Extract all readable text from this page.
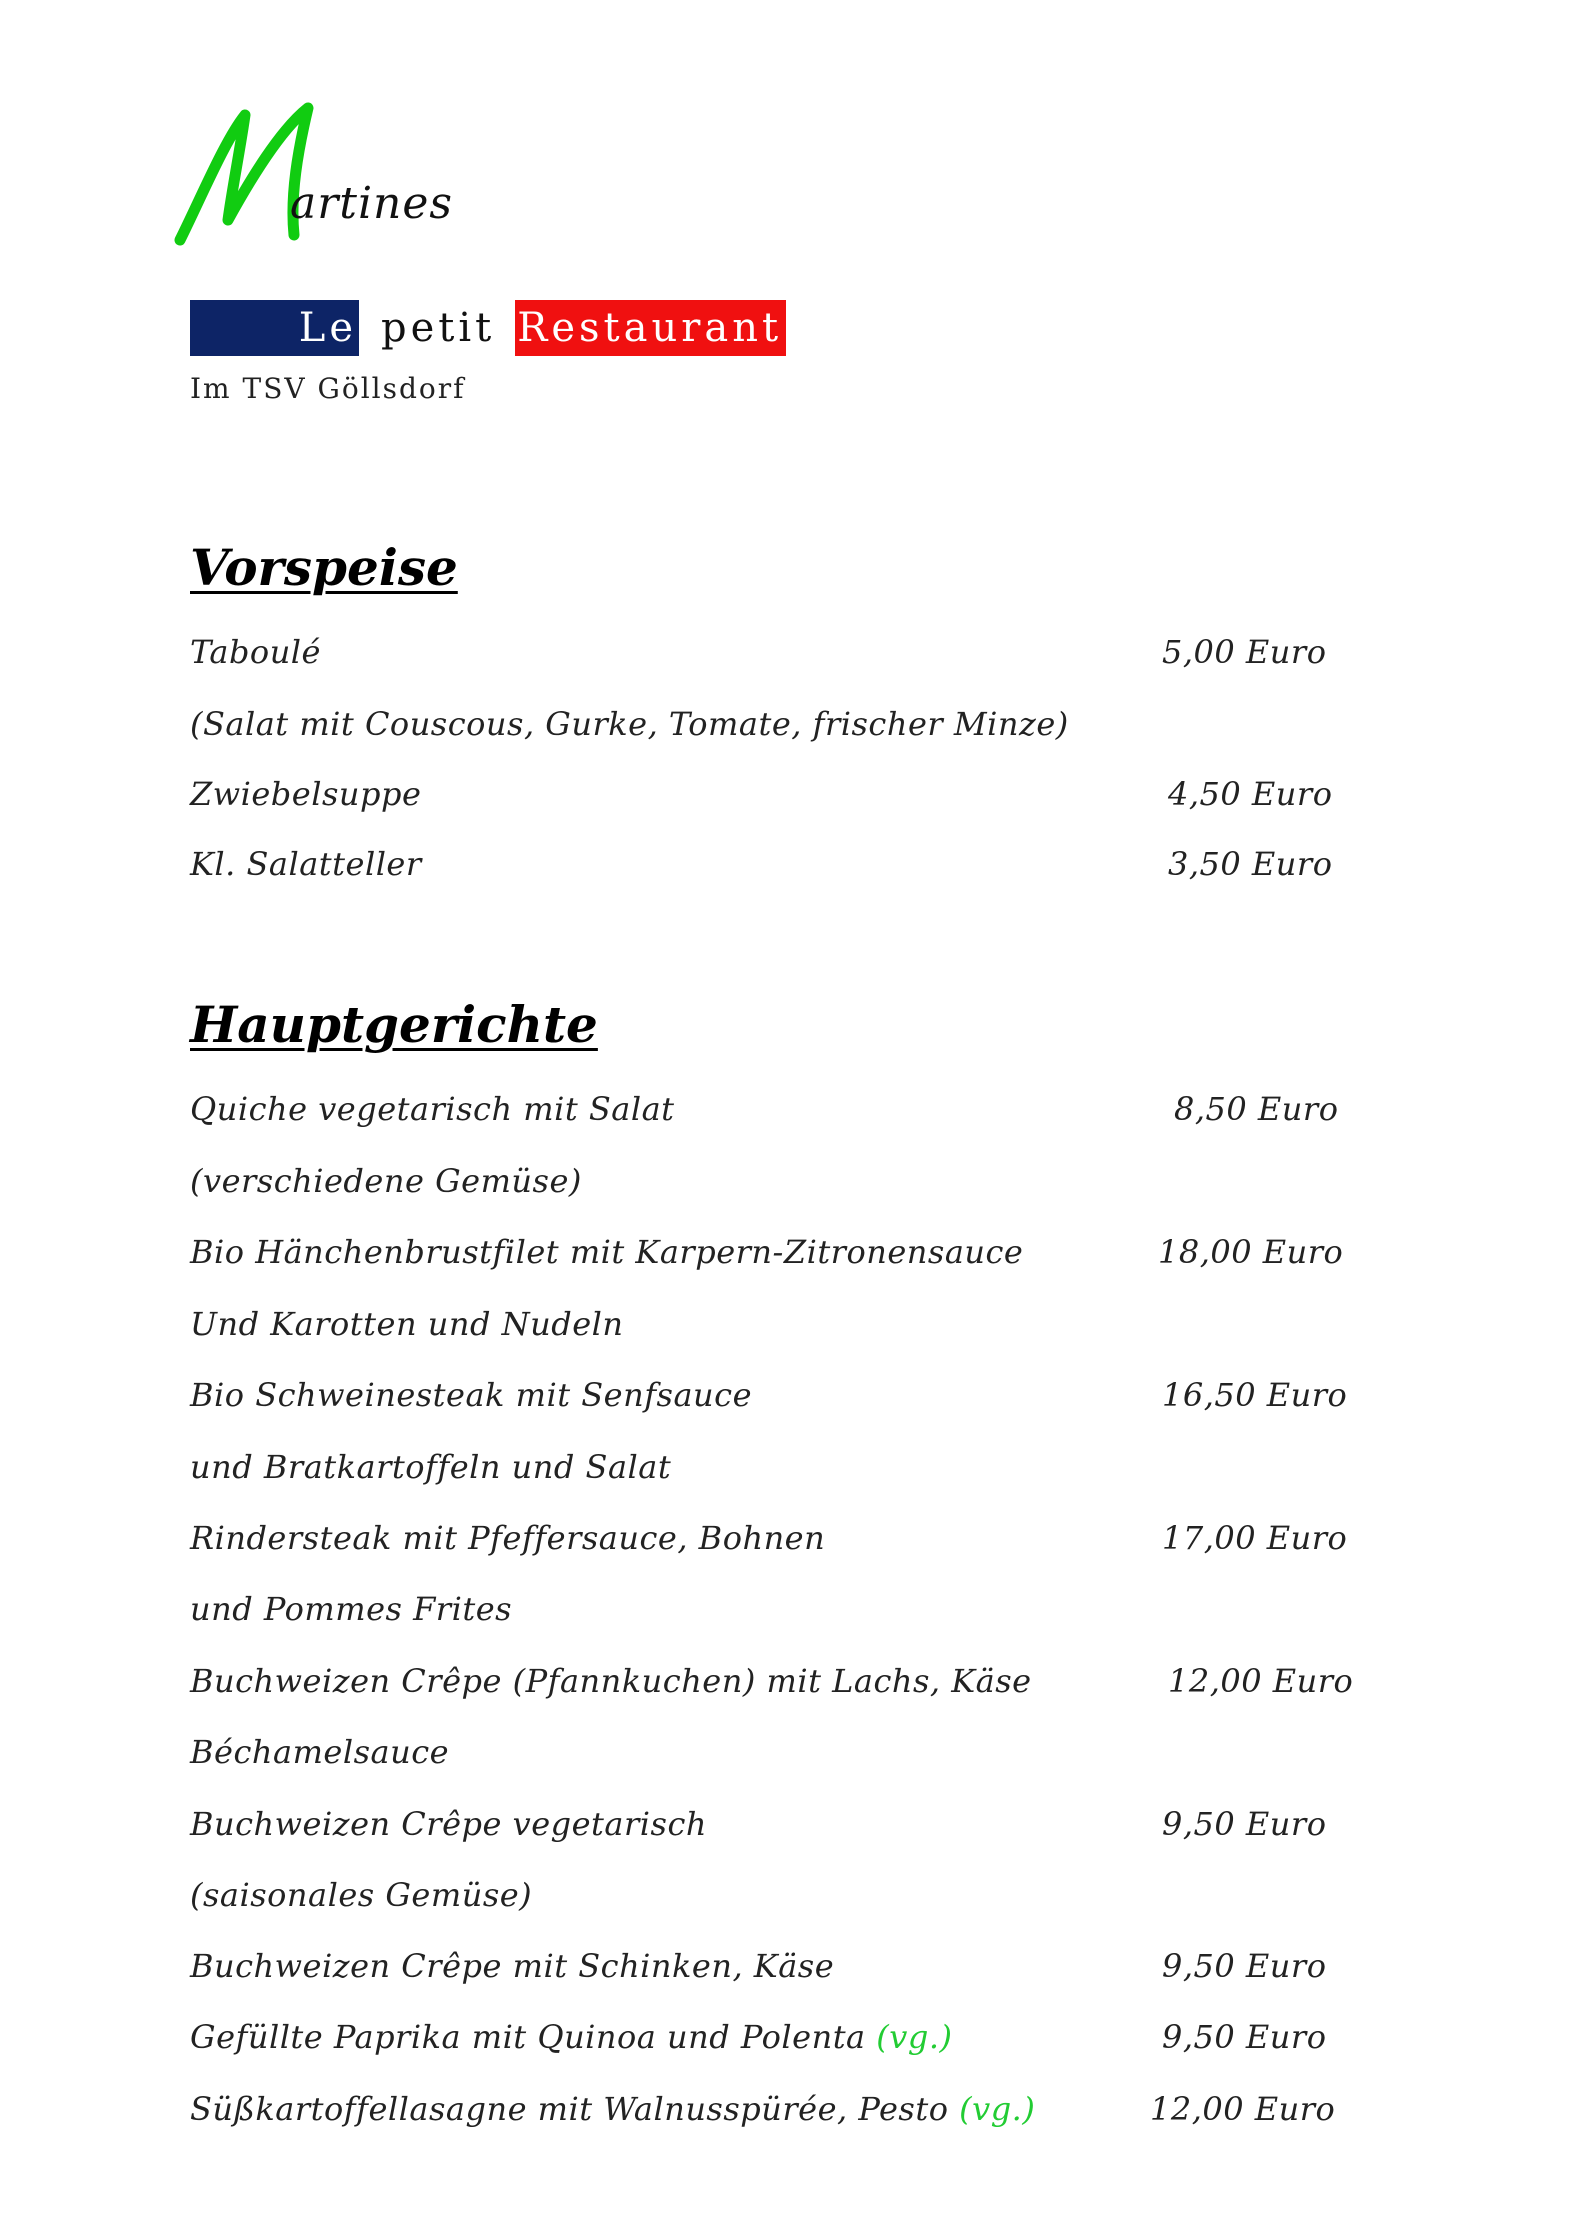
artines
Le petit Restaurant
Im TSV Göllsdorf
Vorspeise
Taboulé	5,00 Euro
(Salat mit Couscous, Gurke, Tomate, frischer Minze)
Zwiebelsuppe	4,50 Euro
Kl. Salatteller	3,50 Euro
Hauptgerichte
Quiche vegetarisch mit Salat	8,50 Euro
(verschiedene Gemüse)
Bio Hänchenbrustfilet mit Karpern-Zitronensauce	18,00 Euro
Und Karotten und Nudeln
Bio Schweinesteak mit Senfsauce	16,50 Euro
und Bratkartoffeln und Salat
Rindersteak mit Pfeffersauce, Bohnen	17,00 Euro
und Pommes Frites
Buchweizen Crêpe (Pfannkuchen) mit Lachs, Käse	12,00 Euro
Béchamelsauce
Buchweizen Crêpe vegetarisch	9,50 Euro
(saisonales Gemüse)
Buchweizen Crêpe mit Schinken, Käse	9,50 Euro
Gefüllte Paprika mit Quinoa und Polenta (vg.)	9,50 Euro
Süßkartoffellasagne mit Walnusspürée, Pesto (vg.)	12,00 Euro
